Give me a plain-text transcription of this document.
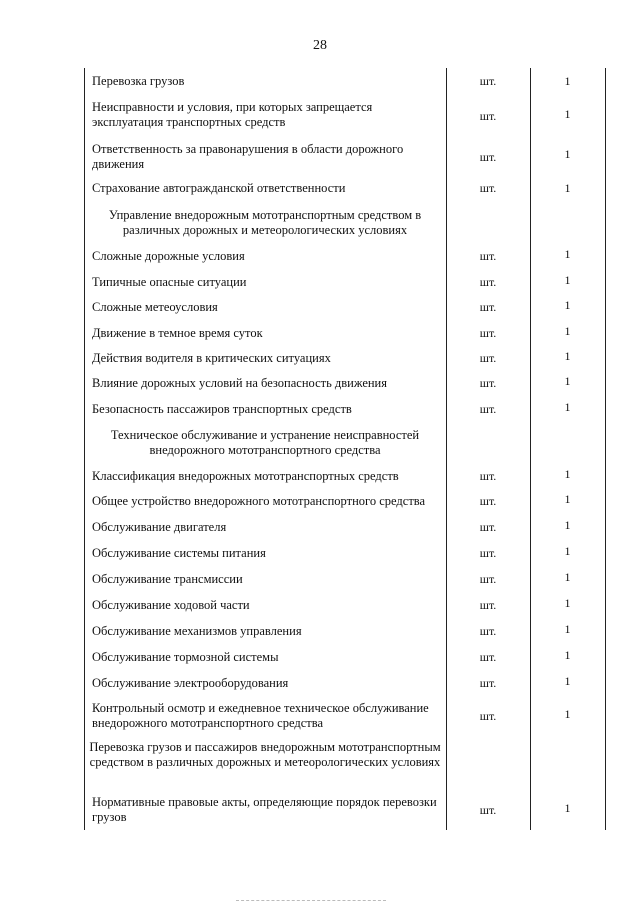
28
Перевозка грузов	шт.	1
Неисправности и условия, при которых запрещается эксплуатация транспортных средств	шт.	1
Ответственность за правонарушения в области дорожного движения	шт.	1
Страхование автогражданской ответственности	шт.	1
Управление внедорожным мототранспортным средством в различных дорожных и метеорологических условиях
Сложные дорожные условия	шт.	1
Типичные опасные ситуации	шт.	1
Сложные метеоусловия	шт.	1
Движение в темное время суток	шт.	1
Действия водителя в критических ситуациях	шт.	1
Влияние дорожных условий на безопасность движения	шт.	1
Безопасность пассажиров транспортных средств	шт.	1
Техническое обслуживание и устранение неисправностей внедорожного мототранспортного средства
Классификация внедорожных мототранспортных средств	шт.	1
Общее устройство внедорожного мототранспортного средства	шт.	1
Обслуживание двигателя	шт.	1
Обслуживание системы питания	шт.	1
Обслуживание трансмиссии	шт.	1
Обслуживание ходовой части	шт.	1
Обслуживание механизмов управления	шт.	1
Обслуживание тормозной системы	шт.	1
Обслуживание электрооборудования	шт.	1
Контрольный осмотр и ежедневное техническое обслуживание внедорожного мототранспортного средства	шт.	1
Перевозка грузов и пассажиров внедорожным мототранспортным средством в различных дорожных и метеорологических условиях
Нормативные правовые акты, определяющие порядок перевозки грузов	шт.	1
